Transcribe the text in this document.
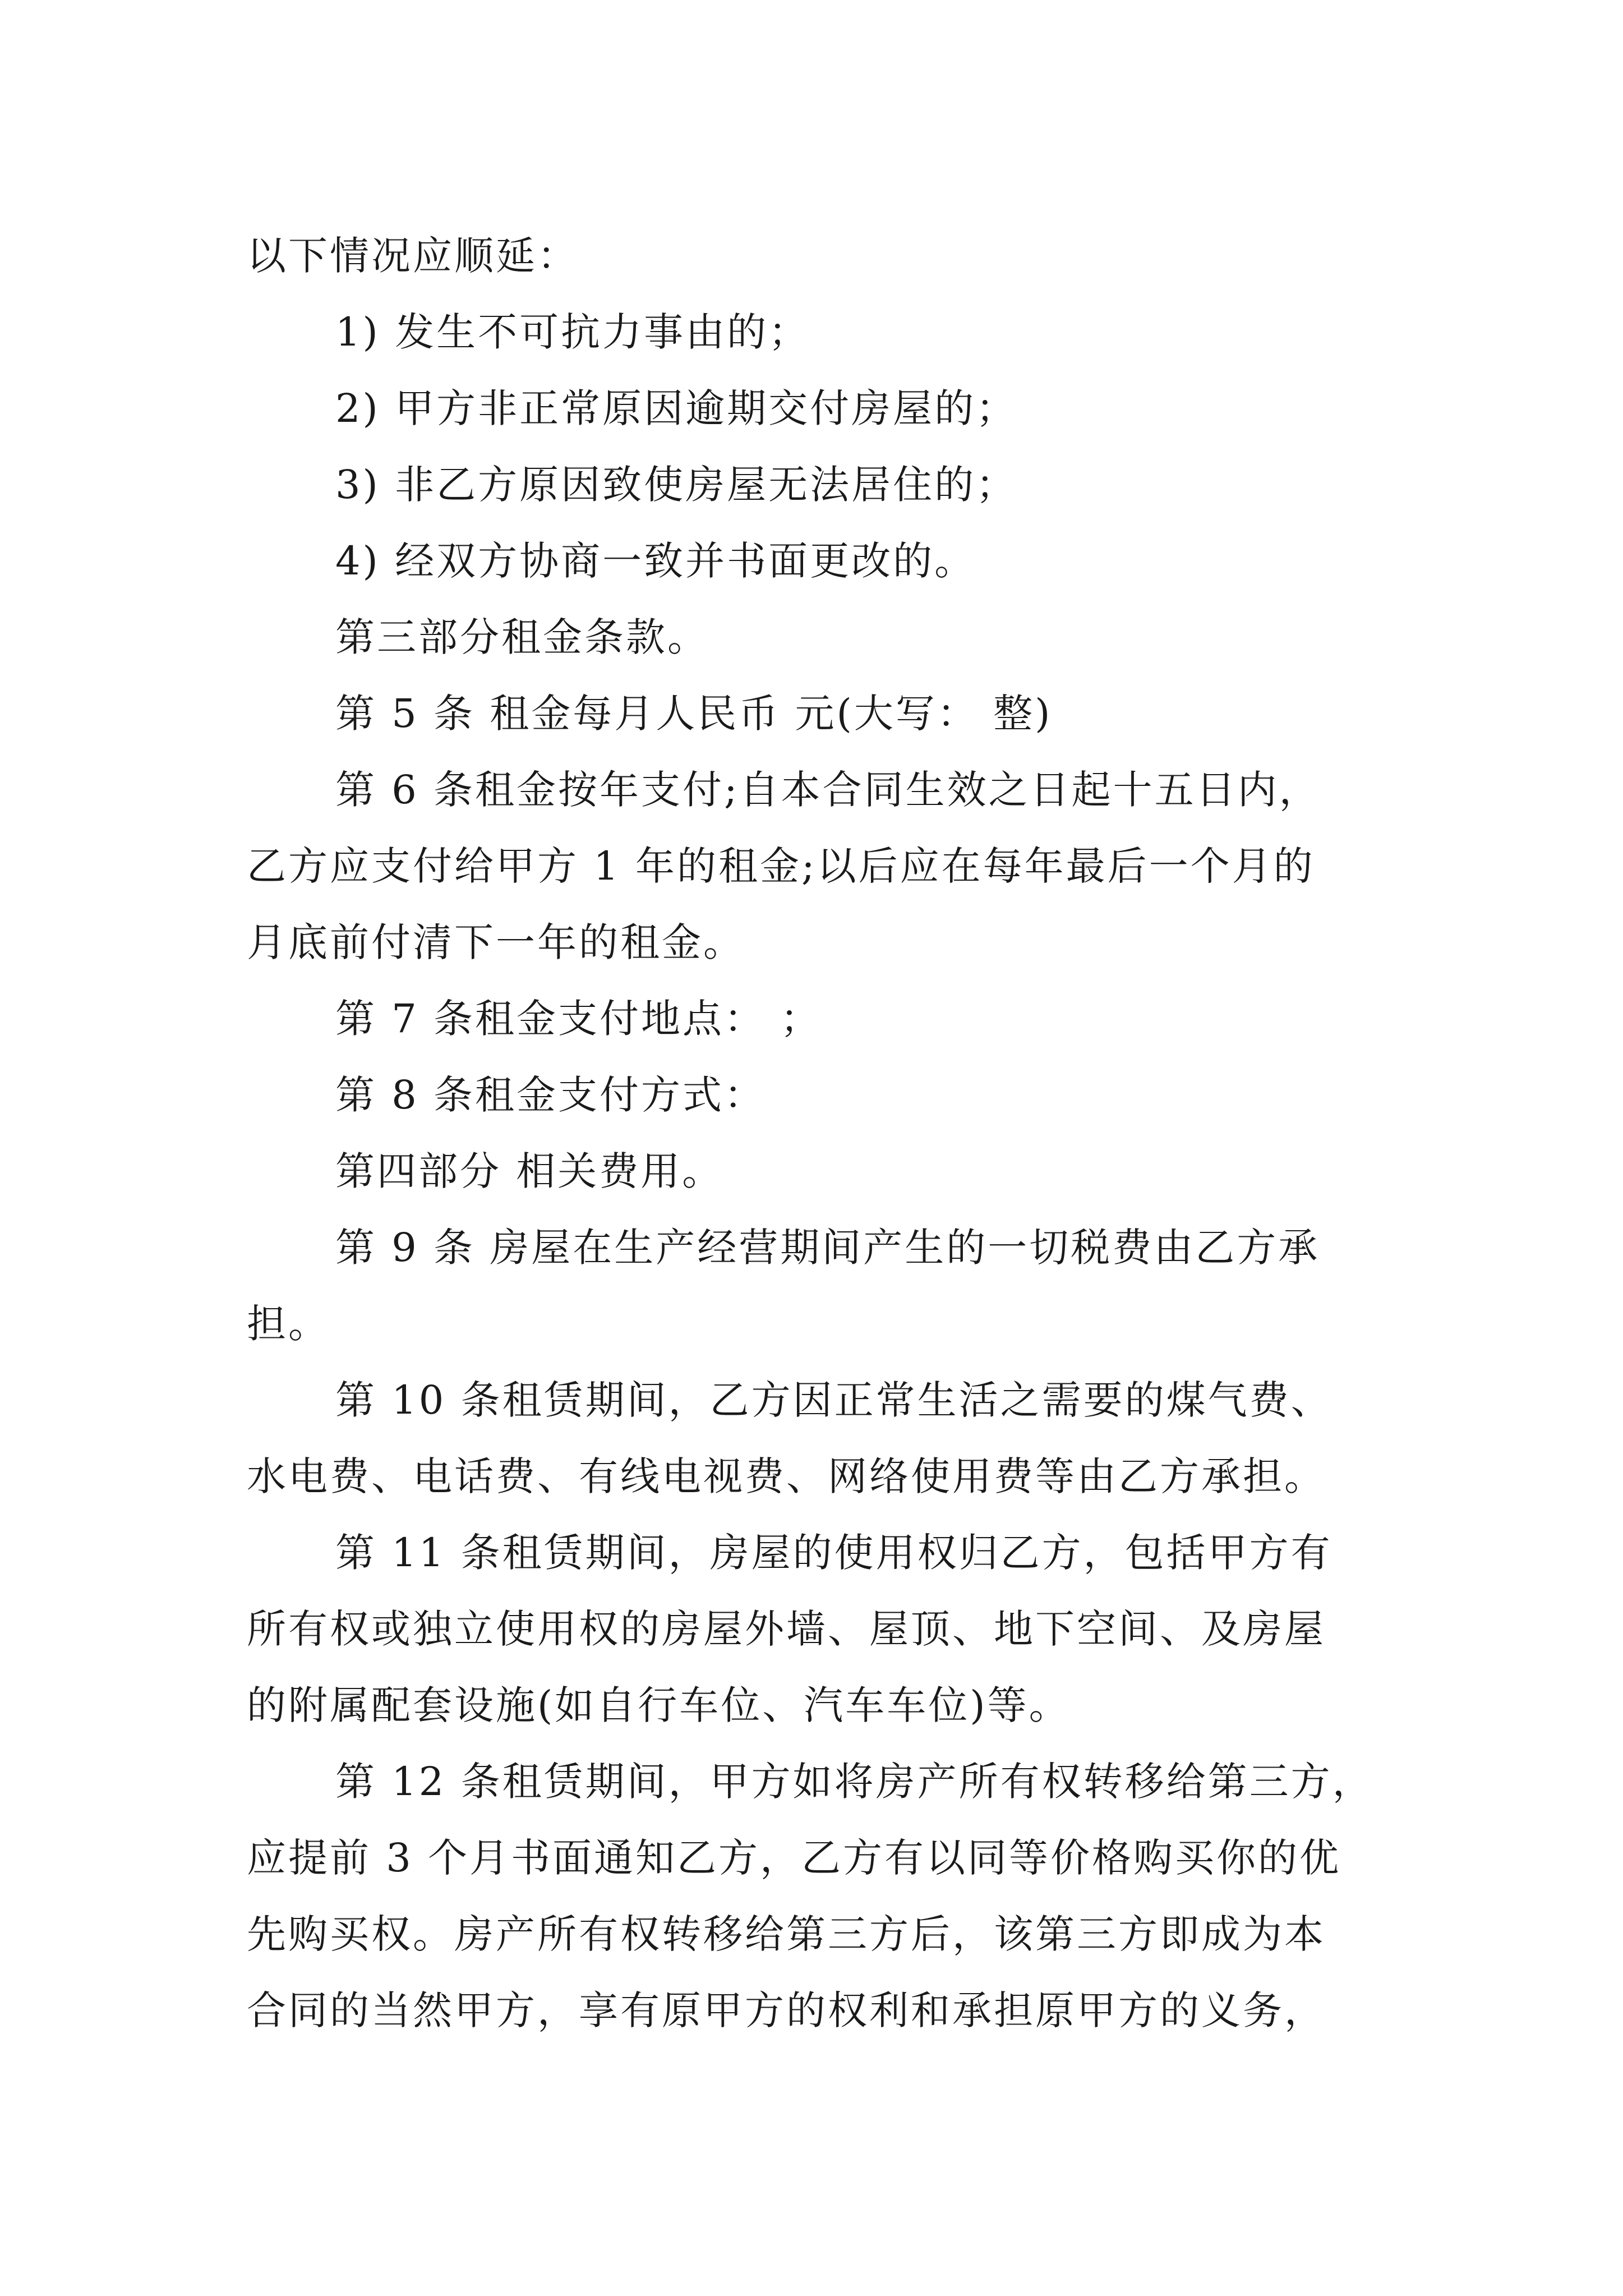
以下情况应顺延：
1) 发生不可抗力事由的；
2) 甲方非正常原因逾期交付房屋的；
3) 非乙方原因致使房屋无法居住的；
4) 经双方协商一致并书面更改的。
第三部分租金条款。
第 5 条 租金每月人民币 元(大写： 整)
第 6 条租金按年支付;自本合同生效之日起十五日内，
乙方应支付给甲方 1 年的租金;以后应在每年最后一个月的
月底前付清下一年的租金。
第 7 条租金支付地点： ；
第 8 条租金支付方式：
第四部分 相关费用。
第 9 条 房屋在生产经营期间产生的一切税费由乙方承
担。
第 10 条租赁期间，乙方因正常生活之需要的煤气费、
水电费、电话费、有线电视费、网络使用费等由乙方承担。
第 11 条租赁期间，房屋的使用权归乙方，包括甲方有
所有权或独立使用权的房屋外墙、屋顶、地下空间、及房屋
的附属配套设施(如自行车位、汽车车位)等。
第 12 条租赁期间，甲方如将房产所有权转移给第三方，
应提前 3 个月书面通知乙方，乙方有以同等价格购买你的优
先购买权。房产所有权转移给第三方后，该第三方即成为本
合同的当然甲方，享有原甲方的权利和承担原甲方的义务，
